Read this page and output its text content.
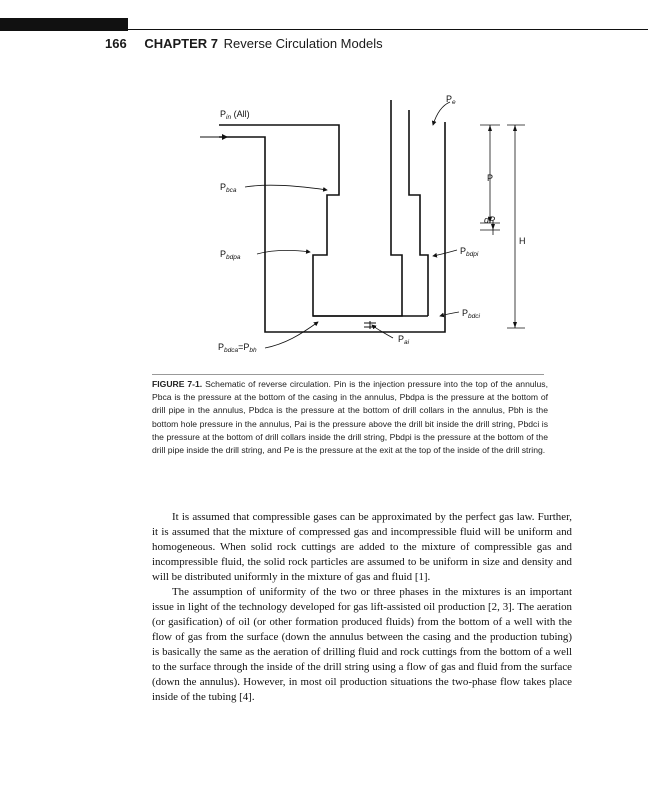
166 CHAPTER 7 Reverse Circulation Models
$P_e$
$P_{in}$ (All)
$P_{bca}$
$P_{bdpa}$
$P_{bdca}=P_{bh}$
$P_{ai}$
$P_{bdpi}$
$P_{bdci}$
P
dP
H
FIGURE 7-1. Schematic of reverse circulation. Pin is the injection pressure into the top of the annulus, Pbca is the pressure at the bottom of the casing in the annulus, Pbdpa is the pressure at the bottom of drill pipe in the annulus, Pbdca is the pressure at the bottom of drill collars in the annulus, Pbh is the bottom hole pressure in the annulus, Pai is the pressure above the drill bit inside the drill string, Pbdci is the pressure at the bottom of drill collars inside the drill string, Pbdpi is the pressure at the bottom of the drill pipe inside the drill string, and Pe is the pressure at the exit at the top of the inside of the drill string.

It is assumed that compressible gases can be approximated by the perfect gas law. Further, it is assumed that the mixture of compressed gas and incompressible fluid will be uniform and homogeneous. When solid rock cuttings are added to the mixture of compressible gas and incompressible fluid, the solid rock particles are assumed to be uniform in size and density and will be distributed uniformly in the mixture of gas and fluid [1].

The assumption of uniformity of the two or three phases in the mixtures is an important issue in light of the technology developed for gas lift-assisted oil production [2, 3]. The aeration (or gasification) of oil (or other formation produced fluids) from the bottom of a well with the flow of gas from the surface (down the annulus between the casing and the production tubing) is basically the same as the aeration of drilling fluid and rock cuttings from the bottom of a well to the surface through the inside of the drill string using a flow of gas and fluid from the surface (down the annulus). However, in most oil production situations the two-phase flow takes place inside of the tubing [4].
